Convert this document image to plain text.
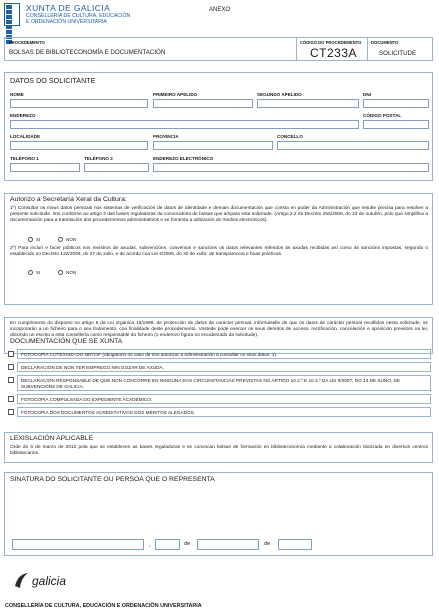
XUNTA DE GALICIA
CONSELLERÍA DE CULTURA, EDUCACIÓN
E ORDENACIÓN UNIVERSITARIA
ANEXO
PROCEDEMENTO
BOLSAS DE BIBLIOTECONOMÍA E DOCUMENTACIÓN
CÓDIGO DO PROCEDEMENTO
CT233A
DOCUMENTO
SOLICITUDE
DATOS DO SOLICITANTE
NOME	PRIMEIRO APELIDO	SEGUNDO APELIDO	DNI
ENDEREZO	CÓDIGO POSTAL
LOCALIDADE	PROVINCIA	CONCELLO
TELÉFONO 1	TELÉFONO 2	ENDEREZO ELECTRÓNICO
Autorizo a Secretaría Xeral da Cultura:
1º) Consultar os meus datos persoais nos sistemas de verificación de datos de identidade e demais documentación que consta en poder da Administración que resulte precisa para resolver a presente solicitude. Isto conforme ao artigo 2 das bases reguladoras da convocatoria de bolsas que ampara esta solicitude. (Artigo 2.2 do Decreto 255/2008, do 23 de outubro, polo que simplifica a documentación para a tramitación dos procedementos administrativos e se fomenta a utilización de medios electrónicos).
SI	NON
2º) Para incluír e facer públicos nos rexistros de axudas, subvencións, convenios e sancións os datos relevantes referidos ás axudas recibidas así como ás sancións impostas, segundo o establecido no Decreto 132/2006, do 27 de xullo, e de acordo coa Lei 4/2006, do 30 de xullo, de transparencia e boas prácticas.
SI	NON
En cumprimento do disposto no artigo 5 da Lei orgánica 15/1999, de protección de datos de carácter persoal, infórmaselle de que os datos de carácter persoal recollidos nesta solicitude, se incorporarán a un ficheiro para o seu tratamento, coa finalidade deste procedemento. Vostede pode exercer os seus dereitos de acceso, rectificación, cancelación e oposición previstos na lei, dirixindo un escrito a esta consellería como responsable do ficheiro (o enderezo figura no encabezado da solicitude).
DOCUMENTACIÓN QUE SE XUNTA
FOTOCOPIA COTEXADA DO NIF/CIF (obrigatorio no caso de non autorizar a Administración a consultar os seus datos. 1).
DECLARACIÓN DE NON TER EMPREGO NIN GOZAR DE AXUDA.
DECLARACIÓN RESPONSABLE DE QUE NON CONCORRE EN NINGUNA DAS CIRCUNSTANCIAS PREVISTAS NO ARTIGO 10.2.º E 10.3.º DA LEI 9/2007, DO 13 DE XUÑO, DE SUBVENCIÓNS DE GALICIA.
FOTOCOPIA COMPULSADA DO EXPEDIENTE ACADÉMICO.
FOTOCOPIA DOS DOCUMENTOS ACREDITATIVOS DOS MÉRITOS ALEGADOS.
LEXISLACIÓN APLICABLE
Orde do 6 de marzo de 2012 pola que se establecen as bases reguladoras e se convocan bolsas de formación en biblioteconomía mediante a colaboración titorizada en diversos centros bibliotecarios.
SINATURA DO SOLICITANTE OU PERSOA QUE O REPRESENTA
,	de	de
galicia
CONSELLERÍA DE CULTURA, EDUCACIÓN E ORDENACIÓN UNIVERSITARIA
